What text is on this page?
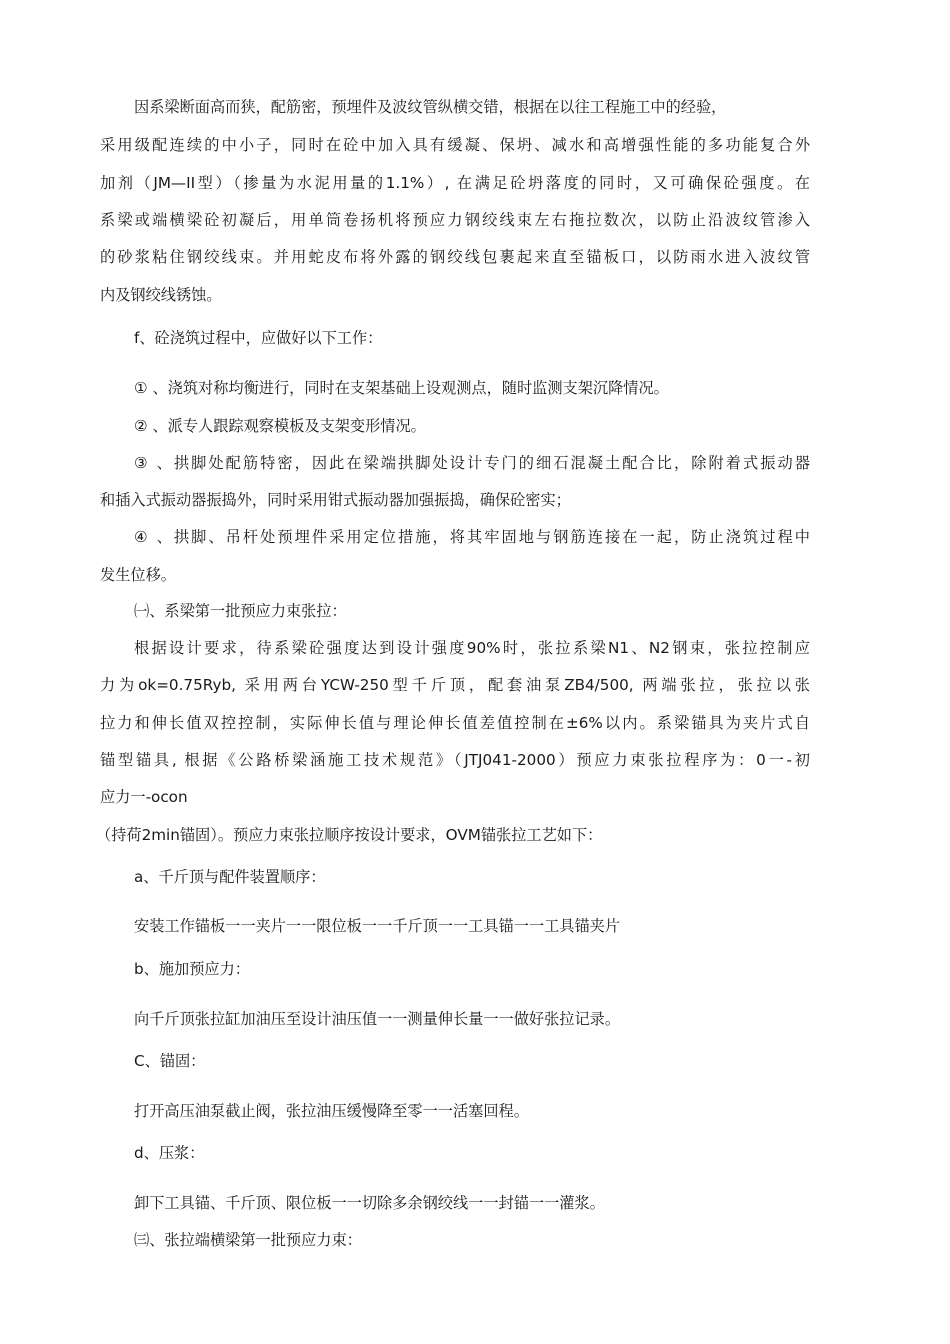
因系梁断面高而狭，配筋密，预埋件及波纹管纵横交错，根据在以往工程施工中的经验，
采用级配连续的中小子，同时在砼中加入具有缓凝、保坍、减水和高增强性能的多功能复合外
加剂（JM—II型）（掺量为水泥用量的1.1%）, 在满足砼坍落度的同时，又可确保砼强度。在
系梁或端横梁砼初凝后，用单筒卷扬机将预应力钢绞线束左右拖拉数次，以防止沿波纹管渗入
的砂浆粘住钢绞线束。并用蛇皮布将外露的钢绞线包裹起来直至锚板口，以防雨水进入波纹管
内及钢绞线锈蚀。
f、砼浇筑过程中，应做好以下工作：
① 、浇筑对称均衡进行，同时在支架基础上设观测点，随时监测支架沉降情况。
② 、派专人跟踪观察模板及支架变形情况。
③ 、拱脚处配筋特密，因此在梁端拱脚处设计专门的细石混凝土配合比，除附着式振动器
和插入式振动器振捣外，同时采用钳式振动器加强振捣，确保砼密实；
④ 、拱脚、吊杆处预埋件采用定位措施，将其牢固地与钢筋连接在一起，防止浇筑过程中
发生位移。
㈠、系梁第一批预应力束张拉：
根据设计要求，待系梁砼强度达到设计强度90%时，张拉系梁N1、N2钢束，张拉控制应
力为ok=0.75Ryb, 采用两台YCW-250型千斤顶，配套油泵ZB4/500, 两端张拉，张拉以张
拉力和伸长值双控控制，实际伸长值与理论伸长值差值控制在±6%以内。系梁锚具为夹片式自
锚型锚具, 根据《公路桥梁涵施工技术规范》（JTJ041-2000）预应力束张拉程序为：0一-初
应力一-ocon
（持荷2min锚固）。预应力束张拉顺序按设计要求，OVM锚张拉工艺如下：
a、千斤顶与配件装置顺序：
安装工作锚板一一夹片一一限位板一一千斤顶一一工具锚一一工具锚夹片
b、施加预应力：
向千斤顶张拉缸加油压至设计油压值一一测量伸长量一一做好张拉记录。
C、锚固：
打开高压油泵截止阀，张拉油压缓慢降至零一一活塞回程。
d、压浆：
卸下工具锚、千斤顶、限位板一一切除多余钢绞线一一封锚一一灌浆。
㈢、张拉端横梁第一批预应力束：
